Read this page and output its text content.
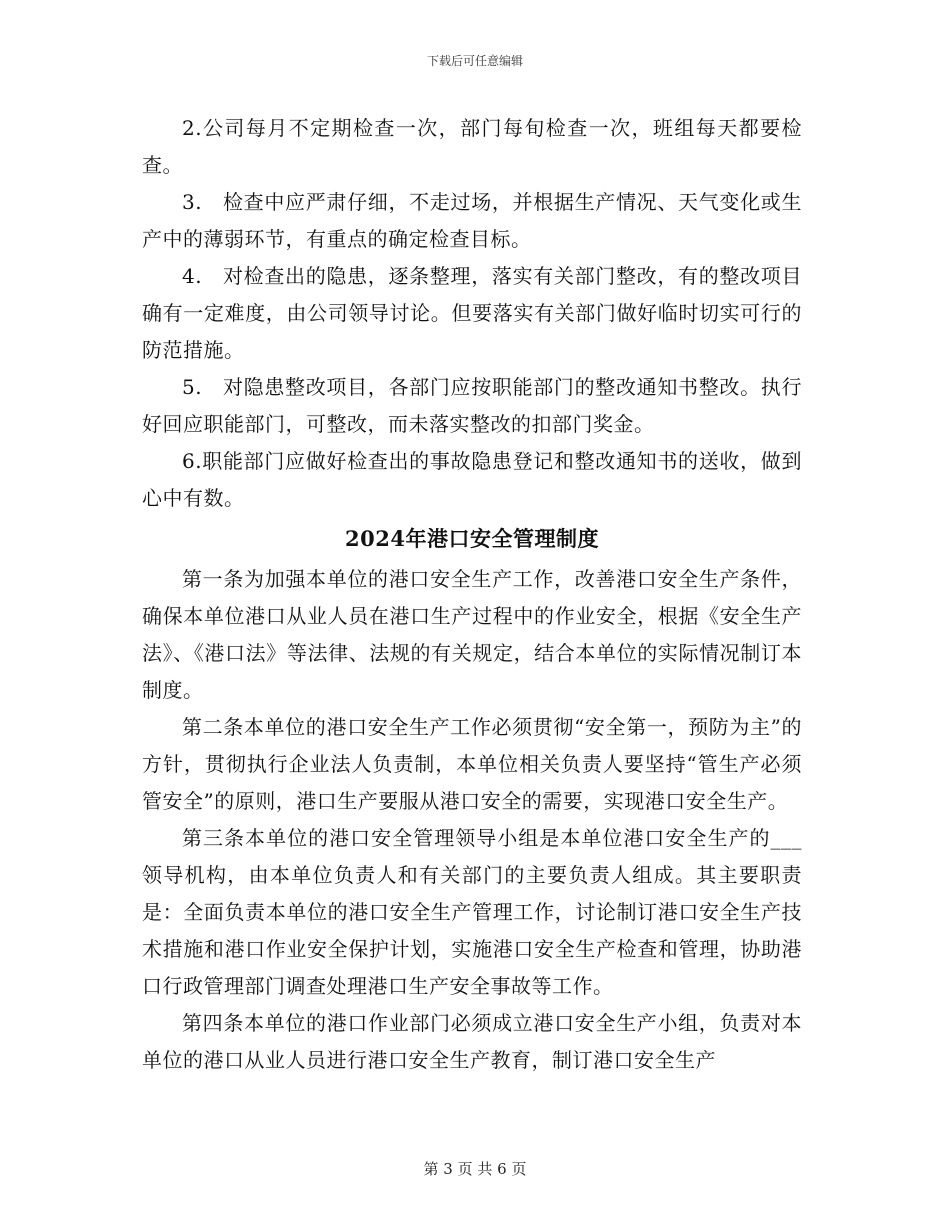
下载后可任意编辑

2.公司每月不定期检查一次，部门每旬检查一次，班组每天都要检查。

3.　检查中应严肃仔细，不走过场，并根据生产情况、天气变化或生产中的薄弱环节，有重点的确定检查目标。

4.　对检查出的隐患，逐条整理，落实有关部门整改，有的整改项目确有一定难度，由公司领导讨论。但要落实有关部门做好临时切实可行的防范措施。

5.　对隐患整改项目，各部门应按职能部门的整改通知书整改。执行好回应职能部门，可整改，而未落实整改的扣部门奖金。

6.职能部门应做好检查出的事故隐患登记和整改通知书的送收，做到心中有数。

2024年港口安全管理制度

第一条为加强本单位的港口安全生产工作，改善港口安全生产条件，确保本单位港口从业人员在港口生产过程中的作业安全，根据《安全生产法》、《港口法》等法律、法规的有关规定，结合本单位的实际情况制订本制度。

第二条本单位的港口安全生产工作必须贯彻“安全第一，预防为主”的方针，贯彻执行企业法人负责制，本单位相关负责人要坚持“管生产必须管安全”的原则，港口生产要服从港口安全的需要，实现港口安全生产。

第三条本单位的港口安全管理领导小组是本单位港口安全生产的___领导机构，由本单位负责人和有关部门的主要负责人组成。其主要职责是：全面负责本单位的港口安全生产管理工作，讨论制订港口安全生产技术措施和港口作业安全保护计划，实施港口安全生产检查和管理，协助港口行政管理部门调查处理港口生产安全事故等工作。

第四条本单位的港口作业部门必须成立港口安全生产小组，负责对本单位的港口从业人员进行港口安全生产教育，制订港口安全生产

第 3 页 共 6 页
